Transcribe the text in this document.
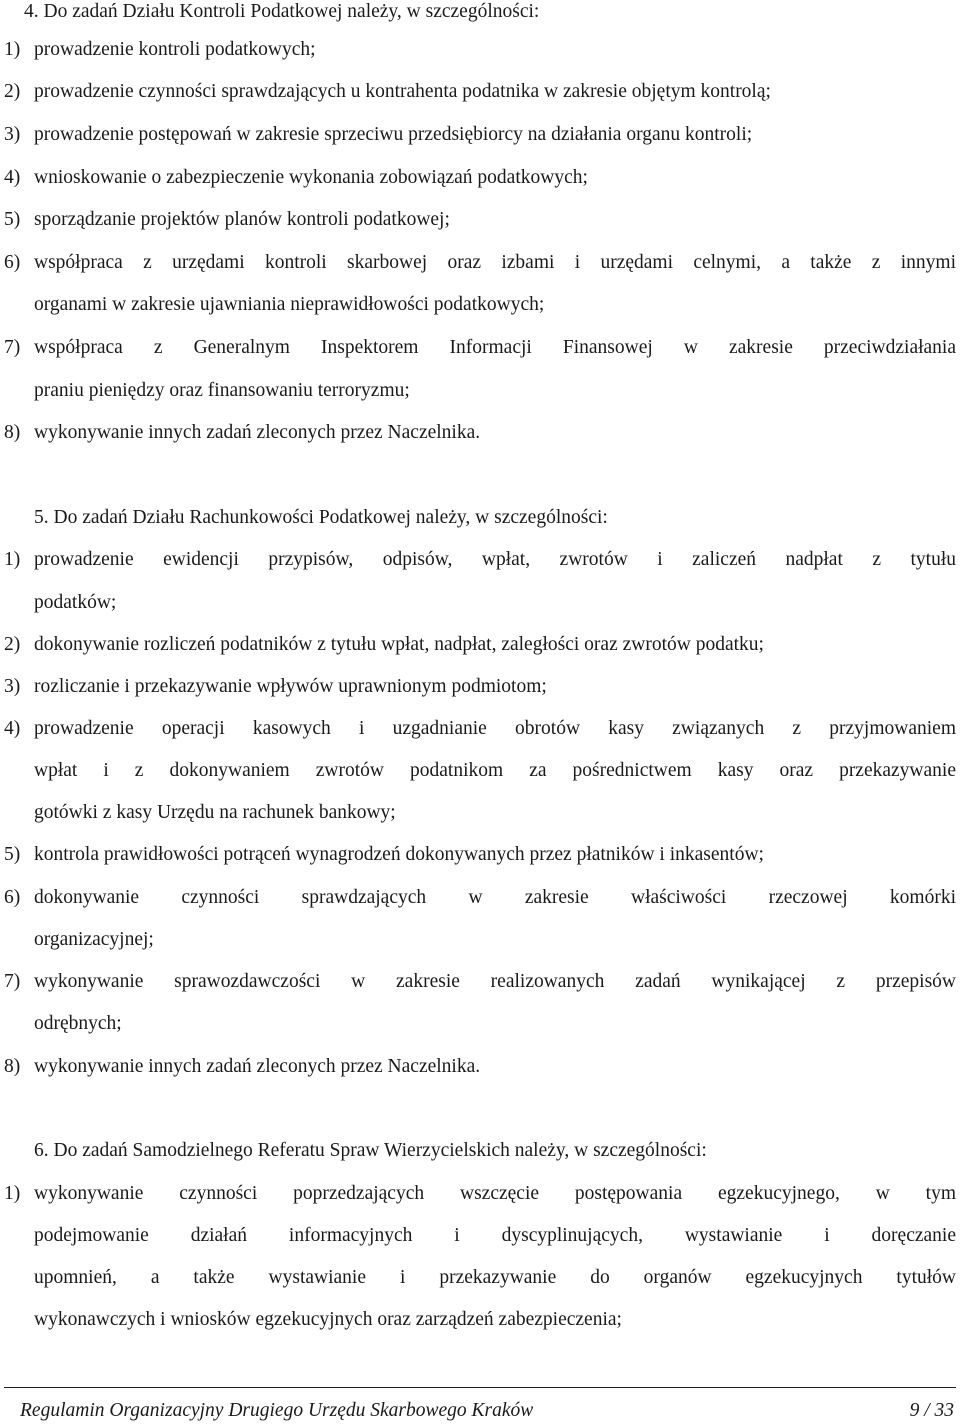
4. Do zadań Działu Kontroli Podatkowej należy, w szczególności:
1) prowadzenie kontroli podatkowych;
2) prowadzenie czynności sprawdzających u kontrahenta podatnika w zakresie objętym kontrolą;
3) prowadzenie postępowań w zakresie sprzeciwu przedsiębiorcy na działania organu kontroli;
4) wnioskowanie o zabezpieczenie wykonania zobowiązań podatkowych;
5) sporządzanie projektów planów kontroli podatkowej;
6) współpraca z urzędami kontroli skarbowej oraz izbami i urzędami celnymi, a także z innymi
organami w zakresie ujawniania nieprawidłowości podatkowych;
7) współpraca z Generalnym Inspektorem Informacji Finansowej w zakresie przeciwdziałania
praniu pieniędzy oraz finansowaniu terroryzmu;
8) wykonywanie innych zadań zleconych przez Naczelnika.
5. Do zadań Działu Rachunkowości Podatkowej należy, w szczególności:
1) prowadzenie ewidencji przypisów, odpisów, wpłat, zwrotów i zaliczeń nadpłat z tytułu
podatków;
2) dokonywanie rozliczeń podatników z tytułu wpłat, nadpłat, zaległości oraz zwrotów podatku;
3) rozliczanie i przekazywanie wpływów uprawnionym podmiotom;
4) prowadzenie operacji kasowych i uzgadnianie obrotów kasy związanych z przyjmowaniem
wpłat i z dokonywaniem zwrotów podatnikom za pośrednictwem kasy oraz przekazywanie
gotówki z kasy Urzędu na rachunek bankowy;
5) kontrola prawidłowości potrąceń wynagrodzeń dokonywanych przez płatników i inkasentów;
6) dokonywanie czynności sprawdzających w zakresie właściwości rzeczowej komórki
organizacyjnej;
7) wykonywanie sprawozdawczości w zakresie realizowanych zadań wynikającej z przepisów
odrębnych;
8) wykonywanie innych zadań zleconych przez Naczelnika.
6. Do zadań Samodzielnego Referatu Spraw Wierzycielskich należy, w szczególności:
1) wykonywanie czynności poprzedzających wszczęcie postępowania egzekucyjnego, w tym
podejmowanie działań informacyjnych i dyscyplinujących, wystawianie i doręczanie
upomnień, a także wystawianie i przekazywanie do organów egzekucyjnych tytułów
wykonawczych i wniosków egzekucyjnych oraz zarządzeń zabezpieczenia;
Regulamin Organizacyjny Drugiego Urzędu Skarbowego Kraków	9 / 33
